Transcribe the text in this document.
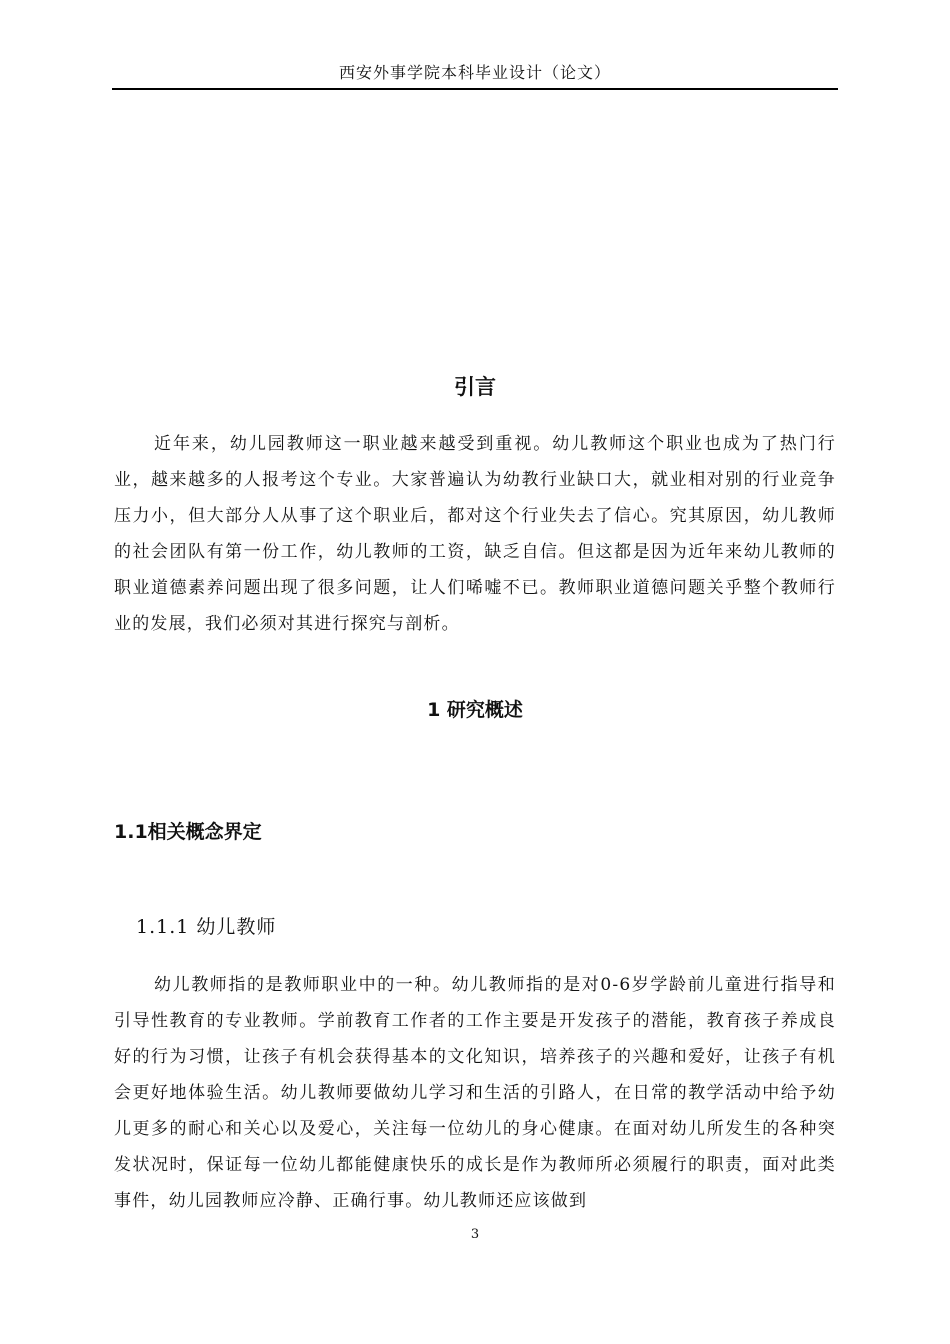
西安外事学院本科毕业设计（论文）
引言

近年来，幼儿园教师这一职业越来越受到重视。幼儿教师这个职业也成为了热门行业，越来越多的人报考这个专业。大家普遍认为幼教行业缺口大，就业相对别的行业竞争压力小，但大部分人从事了这个职业后，都对这个行业失去了信心。究其原因，幼儿教师的社会团队有第一份工作，幼儿教师的工资，缺乏自信。但这都是因为近年来幼儿教师的职业道德素养问题出现了很多问题，让人们唏嘘不已。教师职业道德问题关乎整个教师行业的发展，我们必须对其进行探究与剖析。

1 研究概述
1.1相关概念界定
1.1.1 幼儿教师

幼儿教师指的是教师职业中的一种。幼儿教师指的是对0-6岁学龄前儿童进行指导和引导性教育的专业教师。学前教育工作者的工作主要是开发孩子的潜能，教育孩子养成良好的行为习惯，让孩子有机会获得基本的文化知识，培养孩子的兴趣和爱好，让孩子有机会更好地体验生活。幼儿教师要做幼儿学习和生活的引路人，在日常的教学活动中给予幼儿更多的耐心和关心以及爱心，关注每一位幼儿的身心健康。在面对幼儿所发生的各种突发状况时，保证每一位幼儿都能健康快乐的成长是作为教师所必须履行的职责，面对此类事件，幼儿园教师应冷静、正确行事。幼儿教师还应该做到

3
